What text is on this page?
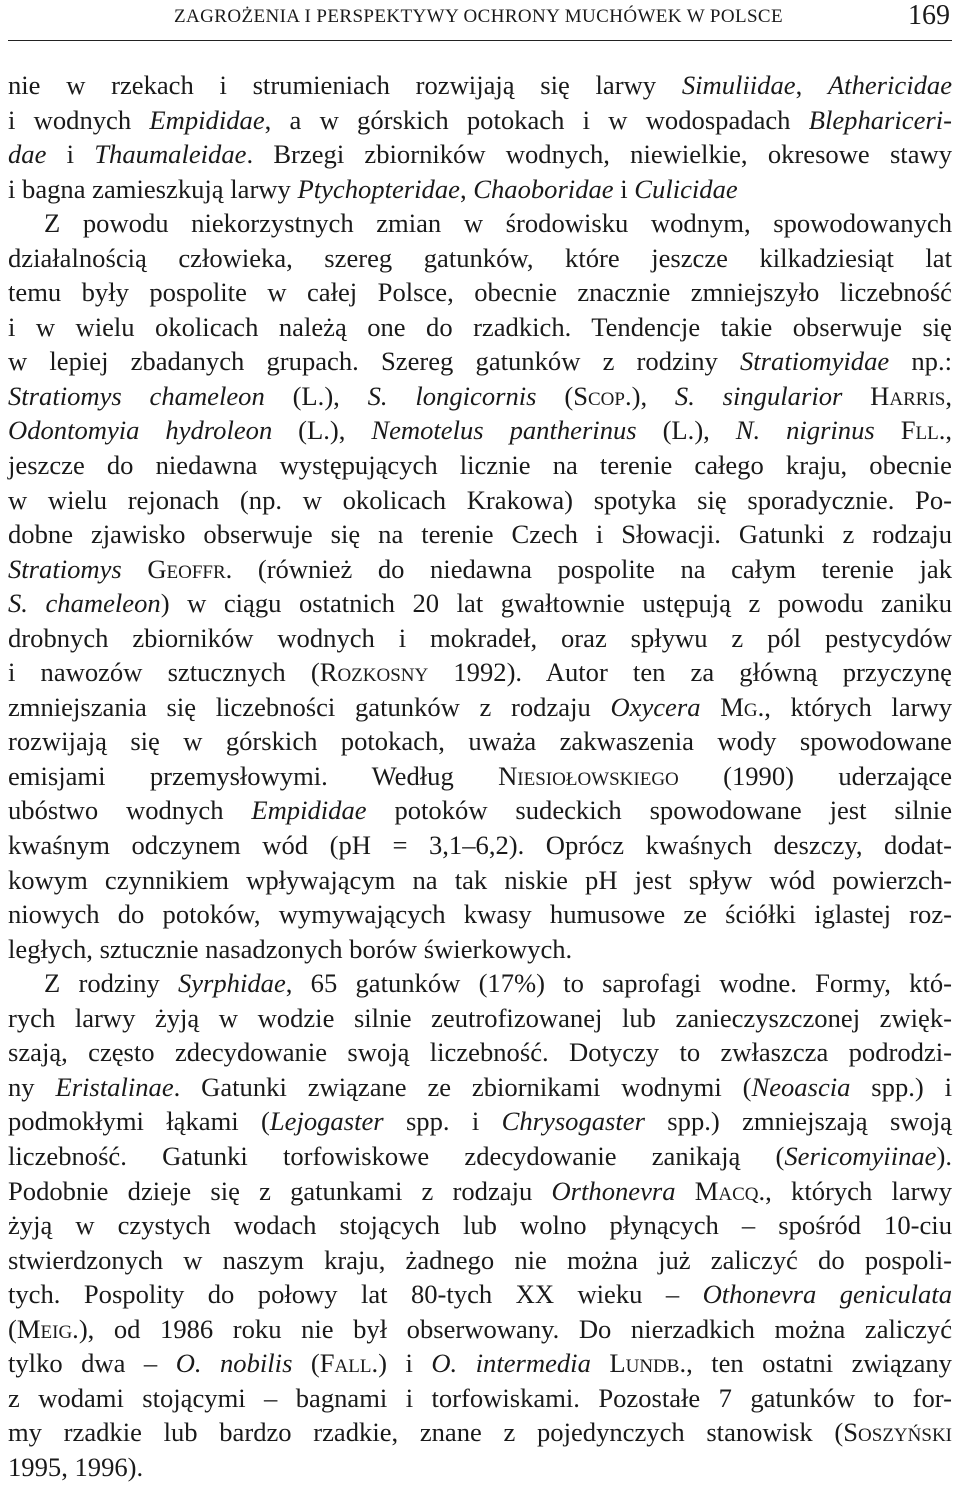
ZAGROŻENIA I PERSPEKTYWY OCHRONY MUCHÓWEK W POLSCE	169
nie w rzekach i strumieniach rozwijają się larwy Simuliidae, Athericidae
i wodnych Empididae, a w górskich potokach i w wodospadach Blephariceri-
dae i Thaumaleidae. Brzegi zbiorników wodnych, niewielkie, okresowe stawy
i bagna zamieszkują larwy Ptychopteridae, Chaoboridae i Culicidae
Z powodu niekorzystnych zmian w środowisku wodnym, spowodowanych
działalnością człowieka, szereg gatunków, które jeszcze kilkadziesiąt lat
temu były pospolite w całej Polsce, obecnie znacznie zmniejszyło liczebność
i w wielu okolicach należą one do rzadkich. Tendencje takie obserwuje się
w lepiej zbadanych grupach. Szereg gatunków z rodziny Stratiomyidae np.:
Stratiomys chameleon (L.), S. longicornis (Scop.), S. singularior Harris,
Odontomyia hydroleon (L.), Nemotelus pantherinus (L.), N. nigrinus Fll.,
jeszcze do niedawna występujących licznie na terenie całego kraju, obecnie
w wielu rejonach (np. w okolicach Krakowa) spotyka się sporadycznie. Po-
dobne zjawisko obserwuje się na terenie Czech i Słowacji. Gatunki z rodzaju
Stratiomys Geoffr. (również do niedawna pospolite na całym terenie jak
S. chameleon) w ciągu ostatnich 20 lat gwałtownie ustępują z powodu zaniku
drobnych zbiorników wodnych i mokradeł, oraz spływu z pól pestycydów
i nawozów sztucznych (Rozkosny 1992). Autor ten za główną przyczynę
zmniejszania się liczebności gatunków z rodzaju Oxycera Mg., których larwy
rozwijają się w górskich potokach, uważa zakwaszenia wody spowodowane
emisjami przemysłowymi. Według Niesiołowskiego (1990) uderzające
ubóstwo wodnych Empididae potoków sudeckich spowodowane jest silnie
kwaśnym odczynem wód (pH = 3,1–6,2). Oprócz kwaśnych deszczy, dodat-
kowym czynnikiem wpływającym na tak niskie pH jest spływ wód powierzch-
niowych do potoków, wymywających kwasy humusowe ze ściółki iglastej roz-
ległych, sztucznie nasadzonych borów świerkowych.
Z rodziny Syrphidae, 65 gatunków (17%) to saprofagi wodne. Formy, któ-
rych larwy żyją w wodzie silnie zeutrofizowanej lub zanieczyszczonej zwięk-
szają, często zdecydowanie swoją liczebność. Dotyczy to zwłaszcza podrodzi-
ny Eristalinae. Gatunki związane ze zbiornikami wodnymi (Neoascia spp.) i
podmokłymi łąkami (Lejogaster spp. i Chrysogaster spp.) zmniejszają swoją
liczebność. Gatunki torfowiskowe zdecydowanie zanikają (Sericomyiinae).
Podobnie dzieje się z gatunkami z rodzaju Orthonevra Macq., których larwy
żyją w czystych wodach stojących lub wolno płynących – spośród 10-ciu
stwierdzonych w naszym kraju, żadnego nie można już zaliczyć do pospoli-
tych. Pospolity do połowy lat 80-tych XX wieku – Othonevra geniculata
(Meig.), od 1986 roku nie był obserwowany. Do nierzadkich można zaliczyć
tylko dwa – O. nobilis (Fall.) i O. intermedia Lundb., ten ostatni związany
z wodami stojącymi – bagnami i torfowiskami. Pozostałe 7 gatunków to for-
my rzadkie lub bardzo rzadkie, znane z pojedynczych stanowisk (Soszyński
1995, 1996).
